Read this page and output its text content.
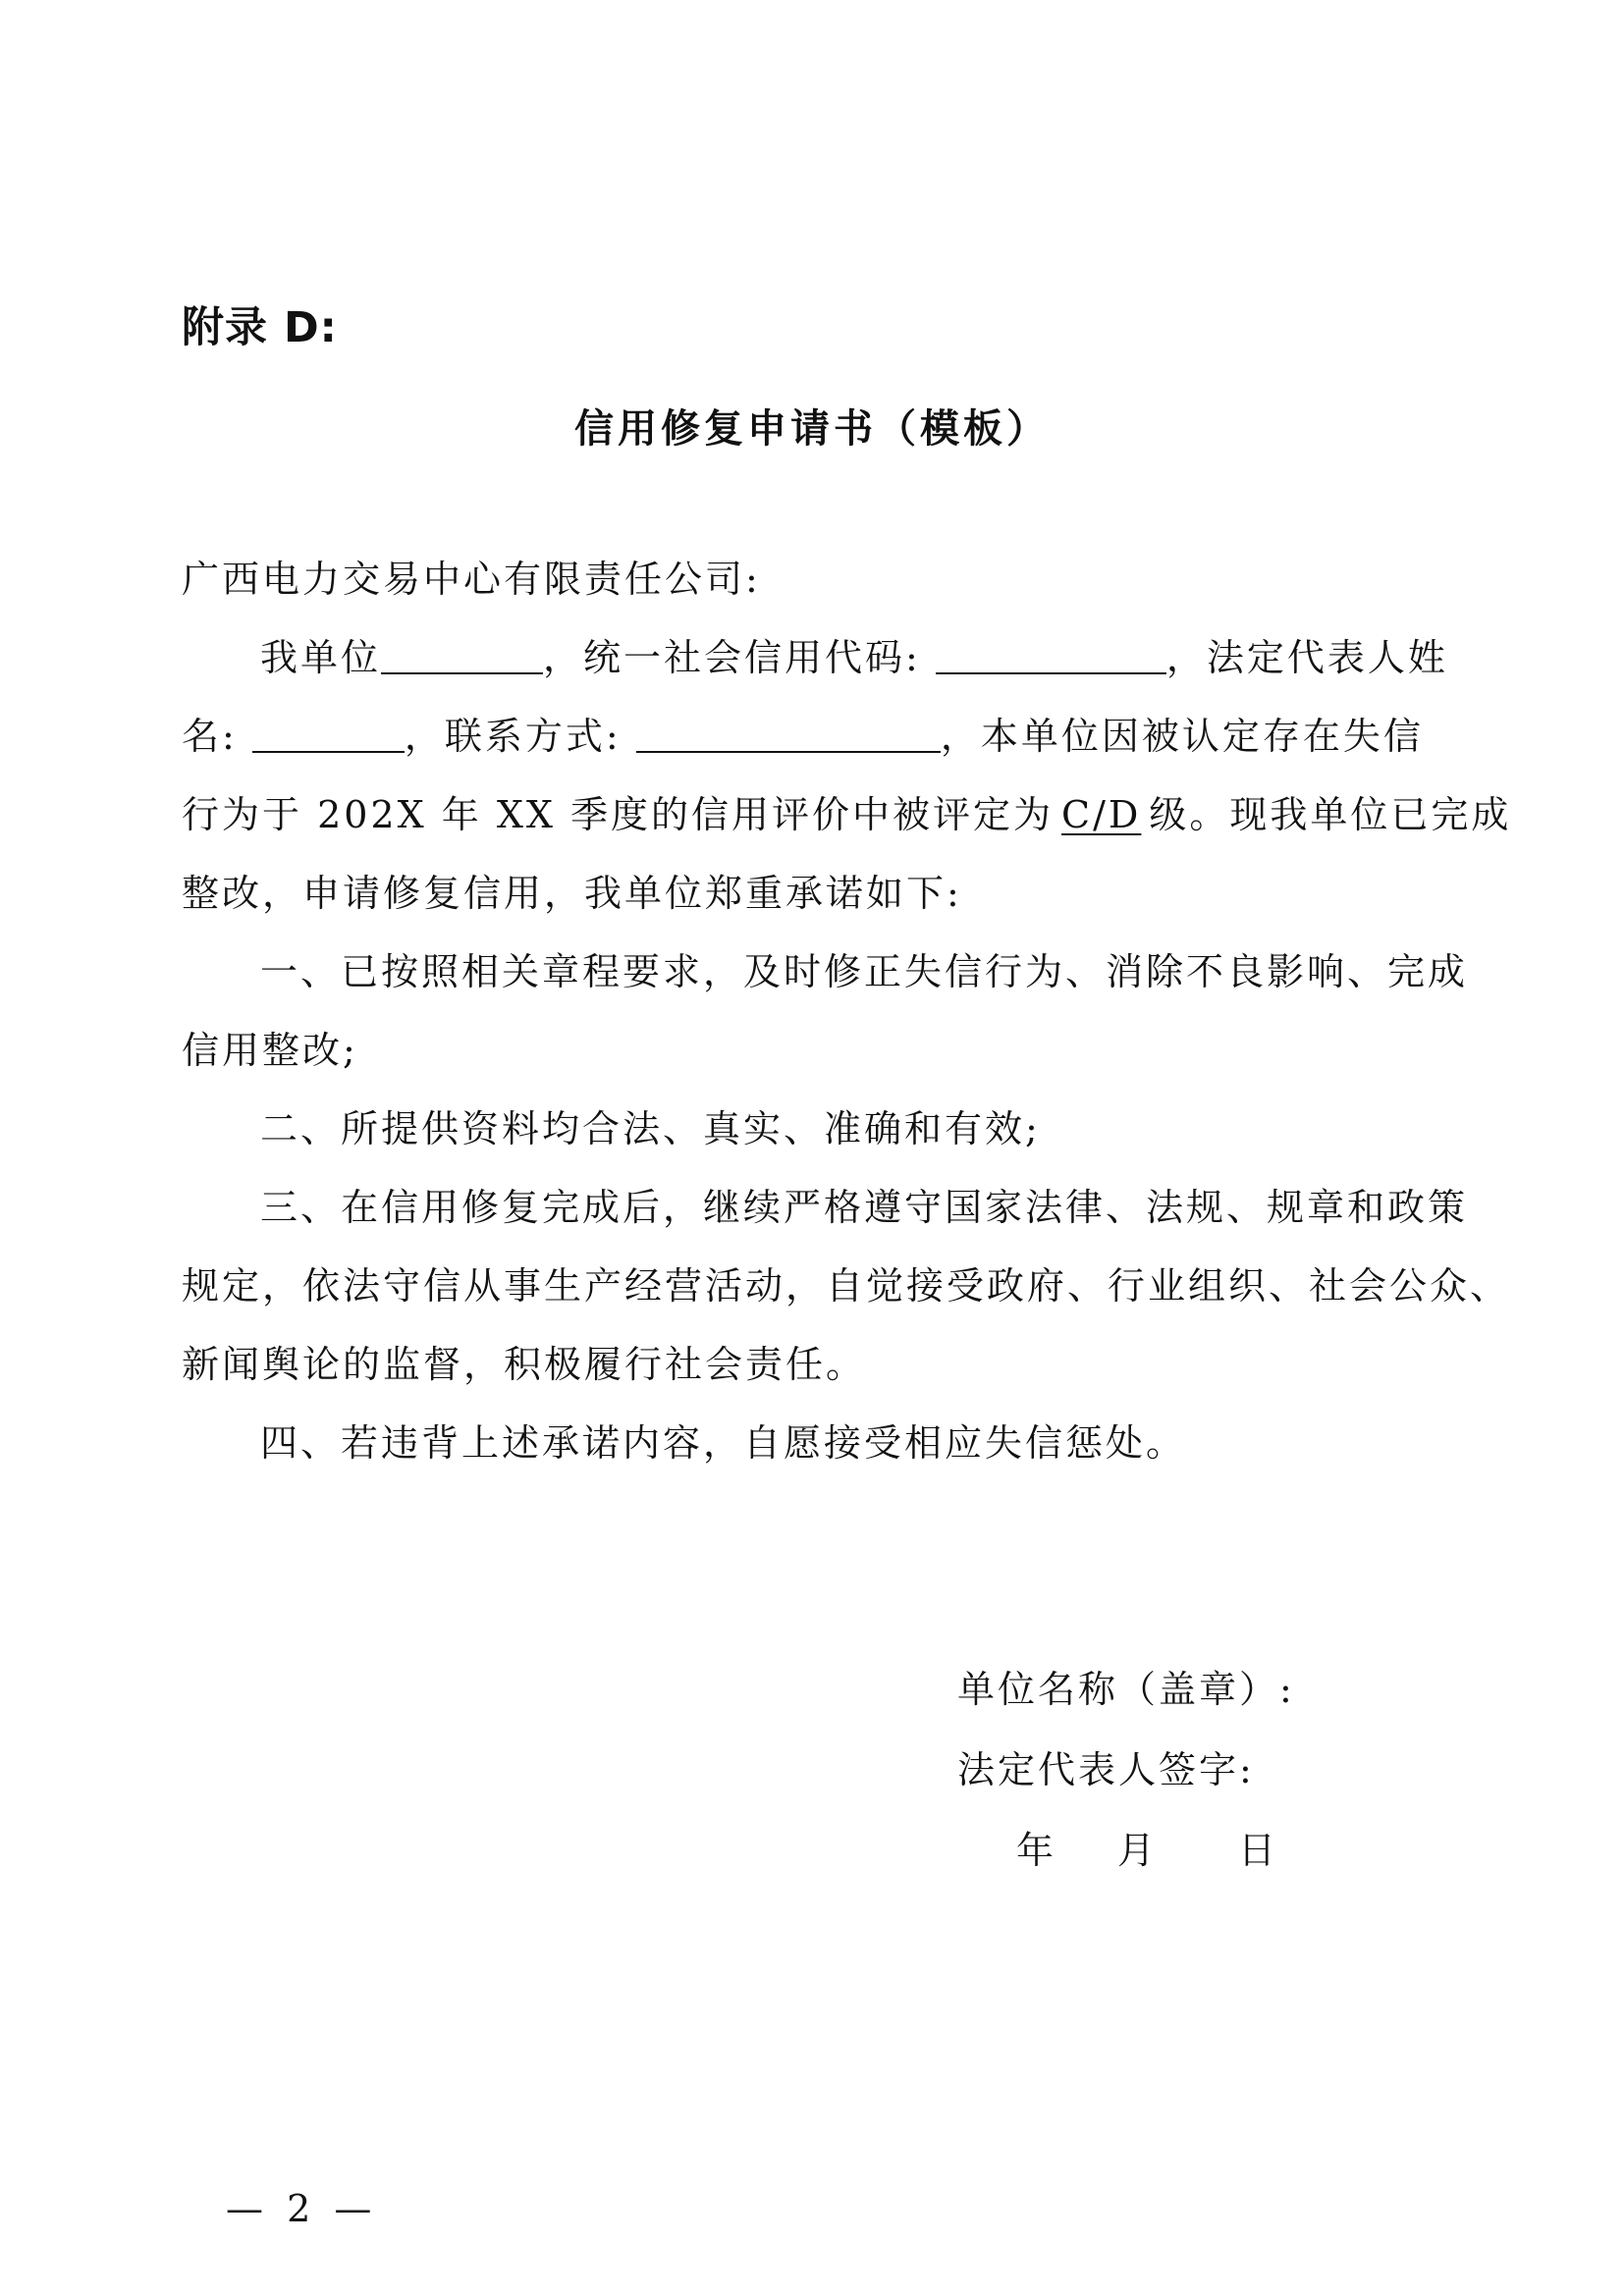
附录 D:
信用修复申请书（模板）
广西电力交易中心有限责任公司:
我单位	，统一社会信用代码:	，法定代表人姓
名:	，联系方式:	，本单位因被认定存在失信
行为于 202X 年 XX 季度的信用评价中被评定为 C/D 级。现我单位已完成
整改，申请修复信用，我单位郑重承诺如下:
一、已按照相关章程要求，及时修正失信行为、消除不良影响、完成
信用整改;
二、所提供资料均合法、真实、准确和有效;
三、在信用修复完成后，继续严格遵守国家法律、法规、规章和政策
规定，依法守信从事生产经营活动，自觉接受政府、行业组织、社会公众、
新闻舆论的监督，积极履行社会责任。
四、若违背上述承诺内容，自愿接受相应失信惩处。
单位名称（盖章）:
法定代表人签字:
年 月 日
— 2 —
